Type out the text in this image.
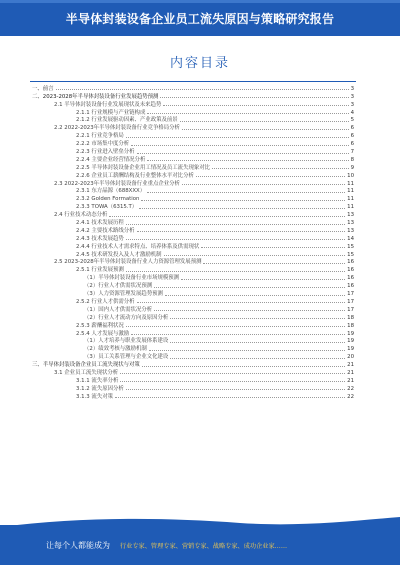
半导体封装设备企业员工流失原因与策略研究报告
内容目录
一、前言	3
二、2023-2028年半导体封装设备行业发展趋势预测	3
2.1 半导体封装设备行业发展现状及未来趋势	3
2.1.1 行业规模与产业链构成	4
2.1.2 行业发展驱动因素、产业政策及前景	5
2.2 2022-2023年半导体封装设备行业竞争格局分析	6
2.2.1 行业竞争格局	6
2.2.2 市场集中度分析	6
2.2.3 行业进入壁垒分析	7
2.2.4 主要企业经营情况分析	8
2.2.5 半导体封装设备企业用工情况及员工流失现象对比	9
2.2.6 企业员工薪酬结构及行业整体水平对比分析	10
2.3 2022-2023年半导体封装设备行业重点企业分析	11
2.3.1 东方晶源（688XXX）	11
2.3.2 Golden Formation	11
2.3.3 TOWA（6315.T）	11
2.4 行业技术动态分析	13
2.4.1 技术发展历程	13
2.4.2 主要技术路线分析	13
2.4.3 技术发展趋势	14
2.4.4 行业技术人才需求特点、培养体系及供需现状	15
2.4.5 技术研发投入及人才激励机制	15
2.5 2023-2028年半导体封装设备行业人力资源管理发展预测	16
2.5.1 行业发展预测	16
（1）半导体封装设备行业市场规模预测	16
（2）行业人才供需状况预测	16
（3）人力资源管理发展趋势预测	17
2.5.2 行业人才供需分析	17
（1）国内人才供需状况分析	17
（2）行业人才流动方向及原因分析	18
2.5.3 薪酬福利状况	18
2.5.4 人才发展与激励	19
（1）人才培养与职业发展体系建设	19
（2）绩效考核与激励机制	19
（3）员工关系管理与企业文化建设	20
三、半导体封装设备企业员工流失现状与对策	21
3.1 企业员工流失现状分析	21
3.1.1 流失率分析	21
3.1.2 流失原因分析	22
3.1.3 流失对策	22
让每个人都能成为 行业专家、管理专家、营销专家、战略专家、成功企业家……
